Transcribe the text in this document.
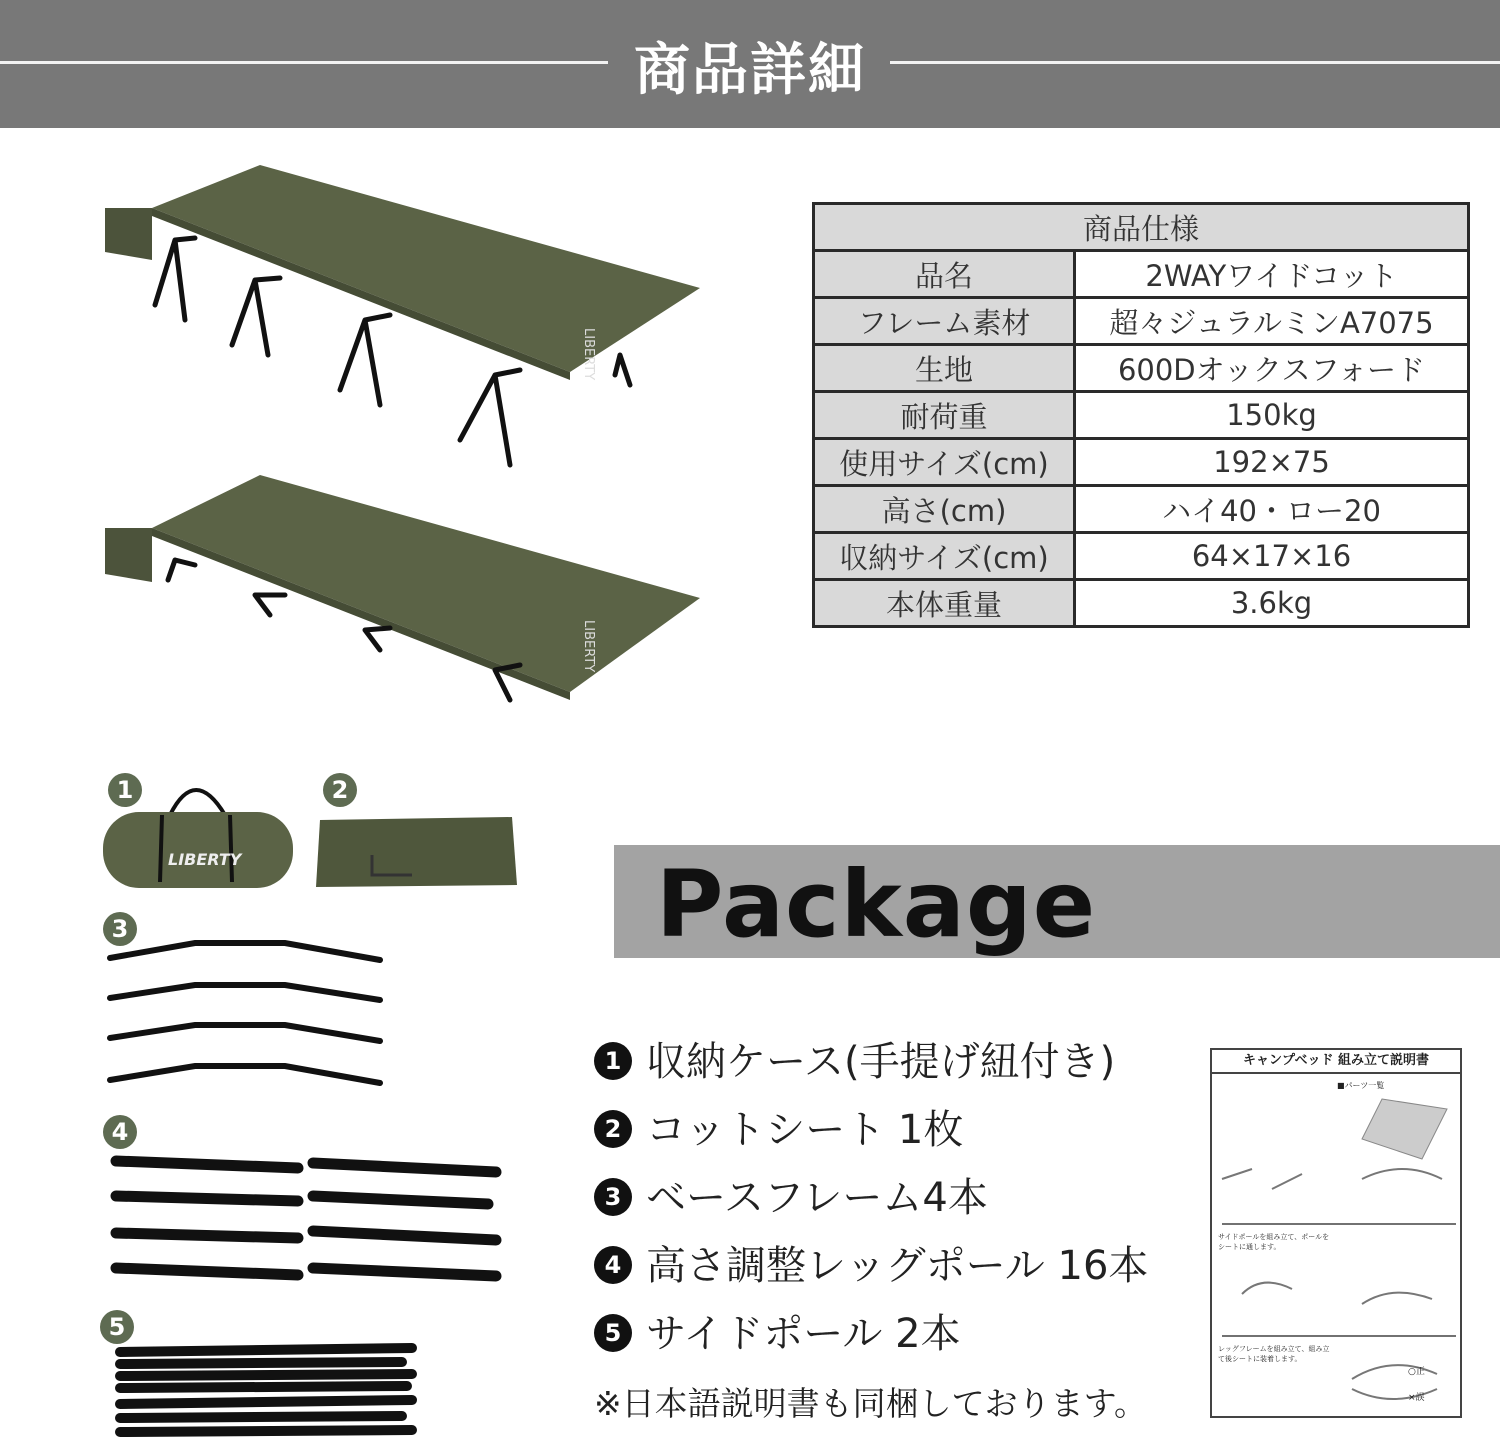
商品詳細
LIBERTY
LIBERTY
商品仕様	
品名	2WAYワイドコット
フレーム素材	超々ジュラルミンA7075
生地	600Dオックスフォード
耐荷重	150kg
使用サイズ(cm)	192×75
高さ(cm)	ハイ40・ロー20
収納サイズ(cm)	64×17×16
本体重量	3.6kg
1
LIBERTY
2
3
4
5
Package
1 収納ケース(手提げ紐付き)
2 コットシート 1枚
3 ベースフレーム4本
4 高さ調整レッグポール 16本
5 サイドポール 2本
※日本語説明書も同梱しております。
キャンプベッド 組み立て説明書
■パーツ一覧
サイドポールを組み立て、ポールをシートに通します。
レッグフレームを組み立て、組み立て後シートに装着します。
○正
×誤
